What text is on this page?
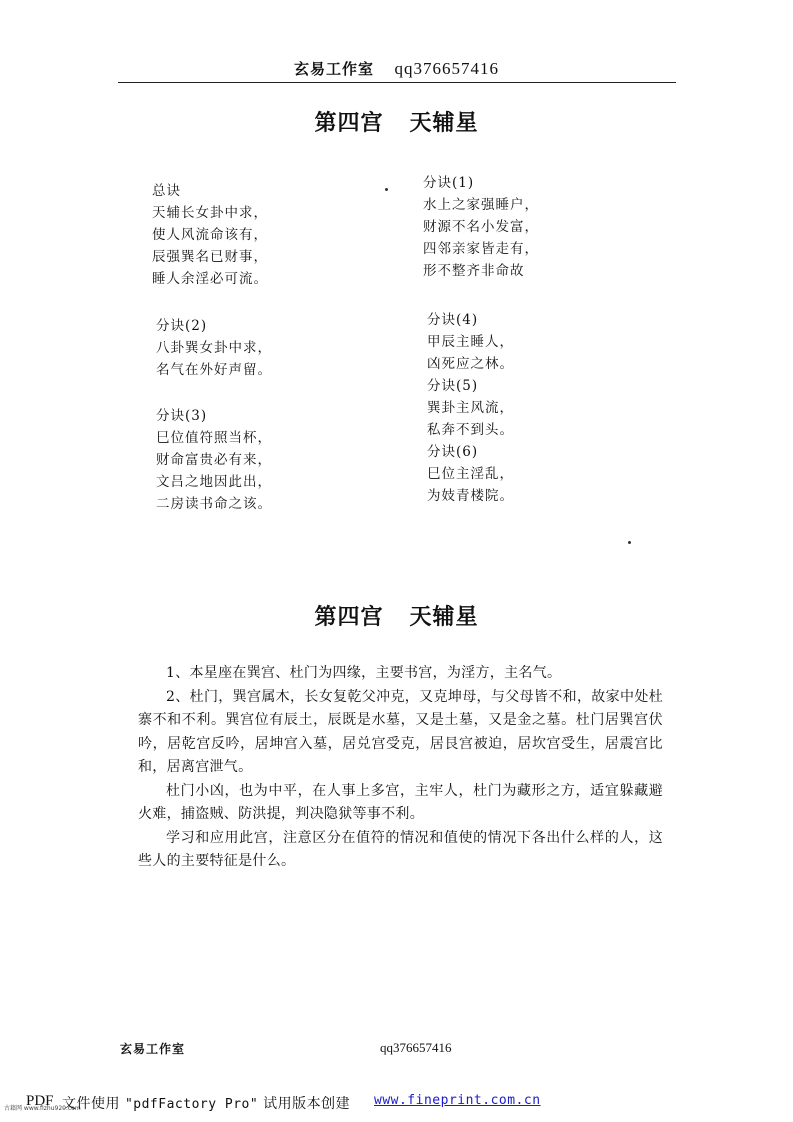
玄易工作室 qq376657416
第四宫 天辅星
总诀
天辅长女卦中求，
使人风流命该有，
辰强巽名已财事，
睡人余淫必可流。
分诀(2)
八卦巽女卦中求，
名气在外好声留。
分诀(3)
巳位值符照当杯，
财命富贵必有来，
文吕之地因此出，
二房读书命之该。
分诀(1)
水上之家强睡户，
财源不名小发富，
四邻亲家皆走有，
形不整齐非命故
分诀(4)
甲辰主睡人，
凶死应之林。
分诀(5)
巽卦主风流，
私奔不到头。
分诀(6)
巳位主淫乱，
为妓青楼院。
第四宫 天辅星

1、本星座在巽宫、杜门为四缘，主要书宫，为淫方，主名气。

2、杜门，巽宫属木，长女复乾父冲克，又克坤母，与父母皆不和，故家中处杜寨不和不利。巽宫位有辰土，辰既是水墓，又是土墓，又是金之墓。杜门居巽宫伏吟，居乾宫反吟，居坤宫入墓，居兑宫受克，居艮宫被迫，居坎宫受生，居震宫比和，居离宫泄气。

杜门小凶，也为中平，在人事上多宫，主牢人，杜门为藏形之方，适宜躲藏避火难，捕盗贼、防洪提，判决隐狱等事不利。

学习和应用此宫，注意区分在值符的情况和值使的情况下各出什么样的人，这些人的主要特征是什么。

玄易工作室	qq376657416
古籍网 www.fizhu920.com
PDF 文件使用 "pdfFactory Pro" 试用版本创建 www.fineprint.com.cn
